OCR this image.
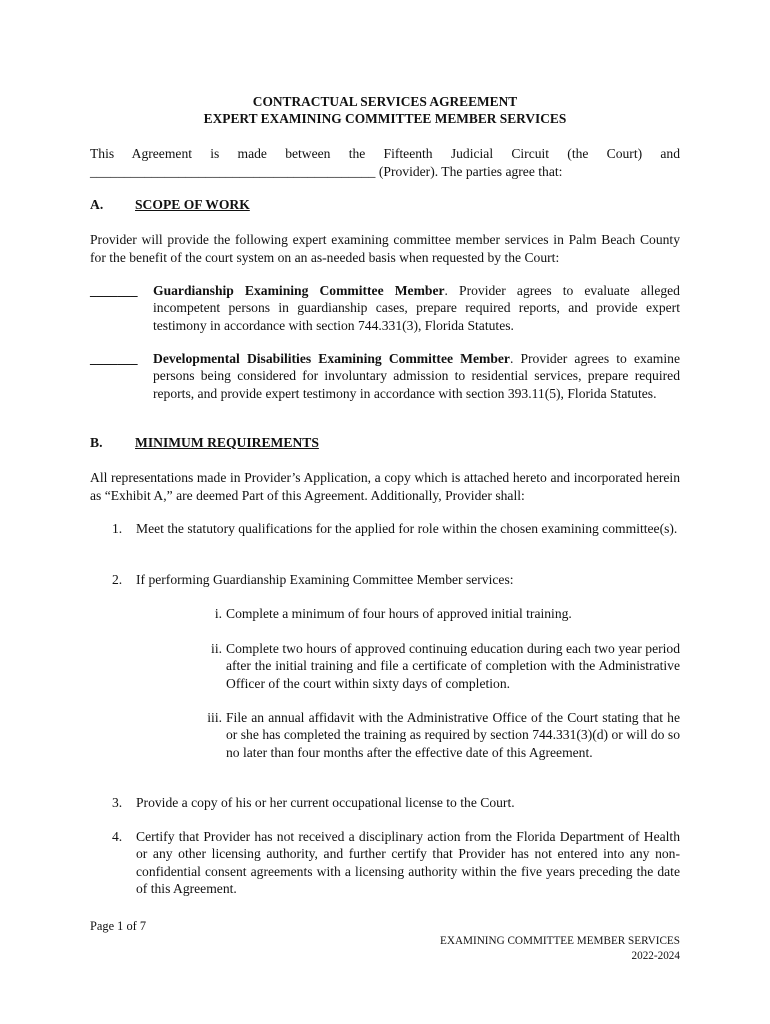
CONTRACTUAL SERVICES AGREEMENT
EXPERT EXAMINING COMMITTEE MEMBER SERVICES
This Agreement is made between the Fifteenth Judicial Circuit (the Court) and
__________________________________________ (Provider). The parties agree that:
A. SCOPE OF WORK
Provider will provide the following expert examining committee member services in Palm Beach County for the benefit of the court system on an as-needed basis when requested by the Court:
_______ Guardianship Examining Committee Member. Provider agrees to evaluate alleged incompetent persons in guardianship cases, prepare required reports, and provide expert testimony in accordance with section 744.331(3), Florida Statutes.
_______ Developmental Disabilities Examining Committee Member. Provider agrees to examine persons being considered for involuntary admission to residential services, prepare required reports, and provide expert testimony in accordance with section 393.11(5), Florida Statutes.
B. MINIMUM REQUIREMENTS
All representations made in Provider’s Application, a copy which is attached hereto and incorporated herein as “Exhibit A,” are deemed Part of this Agreement. Additionally, Provider shall:
1. Meet the statutory qualifications for the applied for role within the chosen examining committee(s).
2. If performing Guardianship Examining Committee Member services:
i. Complete a minimum of four hours of approved initial training.
ii. Complete two hours of approved continuing education during each two year period after the initial training and file a certificate of completion with the Administrative Officer of the court within sixty days of completion.
iii. File an annual affidavit with the Administrative Office of the Court stating that he or she has completed the training as required by section 744.331(3)(d) or will do so no later than four months after the effective date of this Agreement.
3. Provide a copy of his or her current occupational license to the Court.
4. Certify that Provider has not received a disciplinary action from the Florida Department of Health or any other licensing authority, and further certify that Provider has not entered into any non-confidential consent agreements with a licensing authority within the five years preceding the date of this Agreement.
Page 1 of 7
EXAMINING COMMITTEE MEMBER SERVICES
2022-2024
